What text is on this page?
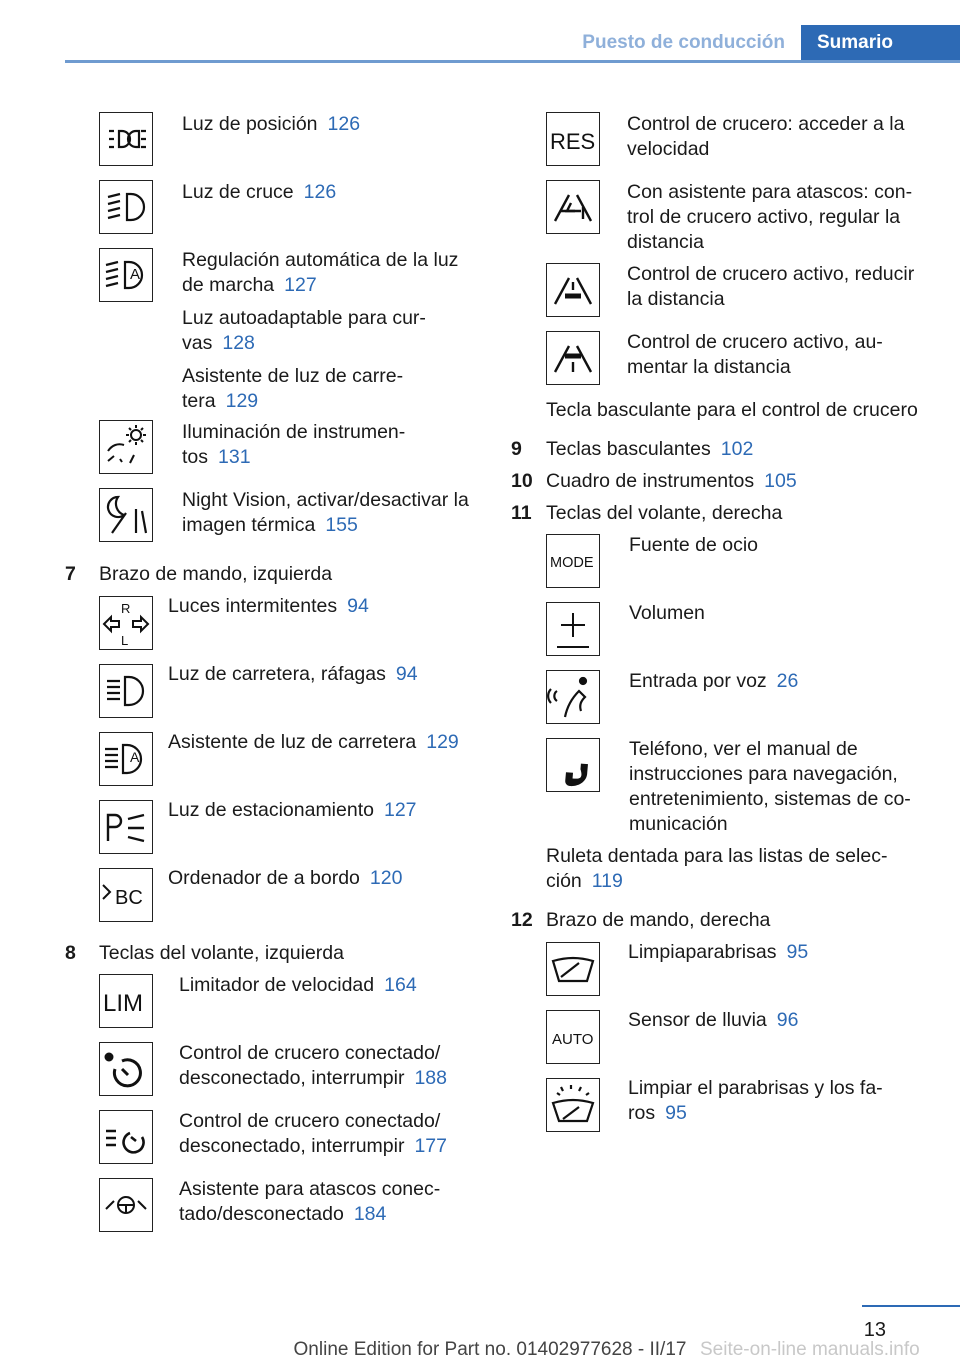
Puesto de conducción	Sumario
Luz de posición 126
Luz de cruce 126
A
Regulación automática de la luz
de marcha 127
Luz autoadaptable para cur-
vas 128
Asistente de luz de carre-
tera 129
Iluminación de instrumen-
tos 131
Night Vision, activar/desactivar la
imagen térmica 155
7 Brazo de mando, izquierda
R
L
Luces intermitentes 94
Luz de carretera, ráfagas 94
A
Asistente de luz de carretera 129
Luz de estacionamiento 127
BC
Ordenador de a bordo 120
8 Teclas del volante, izquierda
LIM
Limitador de velocidad 164
Control de crucero conectado/
desconectado, interrumpir 188
Control de crucero conectado/
desconectado, interrumpir 177
Asistente para atascos conec-
tado/desconectado 184
RES
Control de crucero: acceder a la
velocidad
Con asistente para atascos: con-
trol de crucero activo, regular la
distancia
Control de crucero activo, reducir
la distancia
Control de crucero activo, au-
mentar la distancia
Tecla basculante para el control de crucero
9 Teclas basculantes 102
10 Cuadro de instrumentos 105
11 Teclas del volante, derecha
MODE
Fuente de ocio
Volumen
Entrada por voz 26
Teléfono, ver el manual de
instrucciones para navegación,
entretenimiento, sistemas de co-
municación
Ruleta dentada para las listas de selec-
ción 119
12 Brazo de mando, derecha
Limpiaparabrisas 95
AUTO
Sensor de lluvia 96
Limpiar el parabrisas y los fa-
ros 95
13
Online Edition for Part no. 01402977628 - II/17 Seite-on-line manuals.info
